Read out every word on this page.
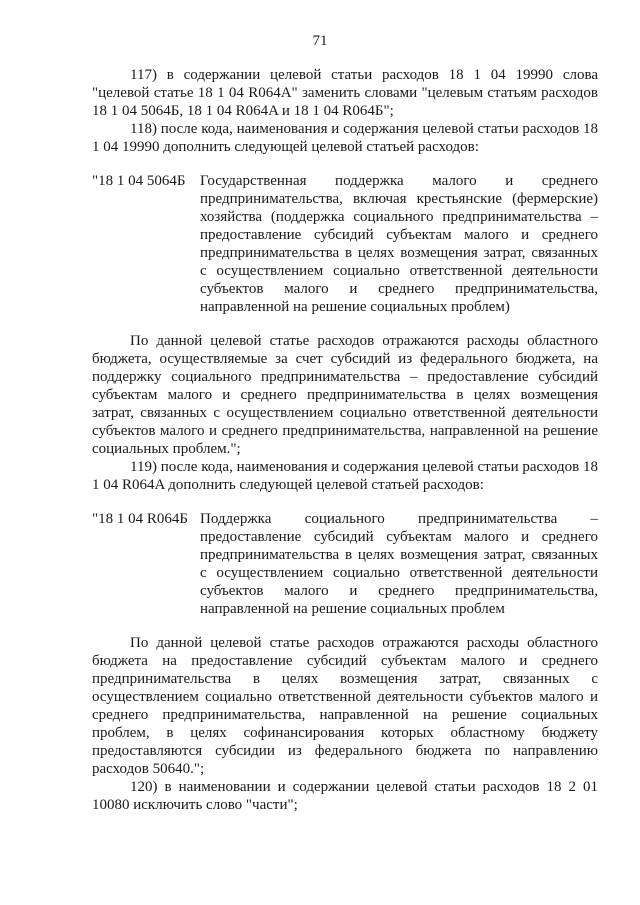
71

117) в содержании целевой статьи расходов 18 1 04 19990 слова "целевой статье 18 1 04 R064A" заменить словами "целевым статьям расходов 18 1 04 5064Б, 18 1 04 R064A и 18 1 04 R064Б";

118) после кода, наименования и содержания целевой статьи расходов 18 1 04 19990 дополнить следующей целевой статьей расходов:

"18 1 04 5064Б Государственная поддержка малого и среднего предпринимательства, включая крестьянские (фермерские) хозяйства (поддержка социального предпринимательства – предоставление субсидий субъектам малого и среднего предпринимательства в целях возмещения затрат, связанных с осуществлением социально ответственной деятельности субъектов малого и среднего предпринимательства, направленной на решение социальных проблем)

По данной целевой статье расходов отражаются расходы областного бюджета, осуществляемые за счет субсидий из федерального бюджета, на поддержку социального предпринимательства – предоставление субсидий субъектам малого и среднего предпринимательства в целях возмещения затрат, связанных с осуществлением социально ответственной деятельности субъектов малого и среднего предпринимательства, направленной на решение социальных проблем.";

119) после кода, наименования и содержания целевой статьи расходов 18 1 04 R064A дополнить следующей целевой статьей расходов:

"18 1 04 R064Б Поддержка социального предпринимательства – предоставление субсидий субъектам малого и среднего предпринимательства в целях возмещения затрат, связанных с осуществлением социально ответственной деятельности субъектов малого и среднего предпринимательства, направленной на решение социальных проблем

По данной целевой статье расходов отражаются расходы областного бюджета на предоставление субсидий субъектам малого и среднего предпринимательства в целях возмещения затрат, связанных с осуществлением социально ответственной деятельности субъектов малого и среднего предпринимательства, направленной на решение социальных проблем, в целях софинансирования которых областному бюджету предоставляются субсидии из федерального бюджета по направлению расходов 50640.";

120) в наименовании и содержании целевой статьи расходов 18 2 01 10080 исключить слово "части";
